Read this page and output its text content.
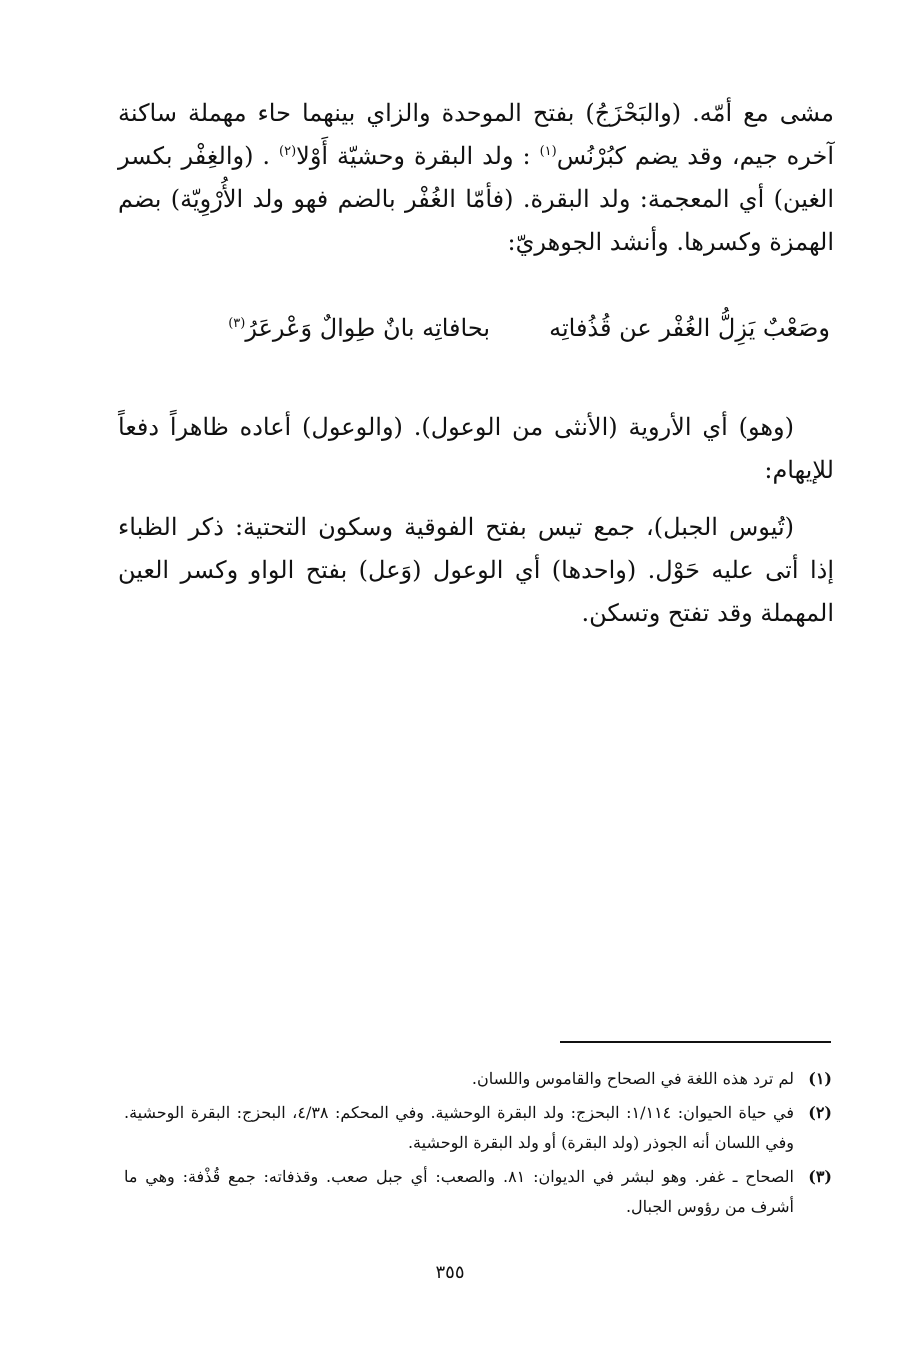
مشى مع أمّه. (والبَحْزَجُ) بفتح الموحدة والزاي بينهما حاء مهملة ساكنة آخره جيم، وقد يضم كبُرْنُس$^{(١)}$ : ولد البقرة وحشيّة أَوْلا$^{(٢)}$ . (والغِفْر بكسر الغين) أي المعجمة: ولد البقرة. (فأمّا الغُفْر بالضم فهو ولد الأُرْوِيّة) بضم الهمزة وكسرها. وأنشد الجوهريّ:

وصَعْبٌ يَزِلُّ الغُفْر عن قُذُفاتِه
بحافاتِه بانٌ طِوالٌ وَعْرعَرُ$^{(٣)}$

(وهو) أي الأروية (الأنثى من الوعول). (والوعول) أعاده ظاهراً دفعاً للإيهام:

(تُيوس الجبل)، جمع تيس بفتح الفوقية وسكون التحتية: ذكر الظباء إذا أتى عليه حَوْل. (واحدها) أي الوعول (وَعل) بفتح الواو وكسر العين المهملة وقد تفتح وتسكن.

(١)
لم ترد هذه اللغة في الصحاح والقاموس واللسان.
(٢)
في حياة الحيوان: ١/١١٤: البحزج: ولد البقرة الوحشية. وفي المحكم: ٤/٣٨، البحزج: البقرة الوحشية. وفي اللسان أنه الجوذر (ولد البقرة) أو ولد البقرة الوحشية.
(٣)
الصحاح ـ غفر. وهو لبشر في الديوان: ٨١. والصعب: أي جبل صعب. وقذفاته: جمع قُذْفة: وهي ما أشرف من رؤوس الجبال.
٣٥٥
